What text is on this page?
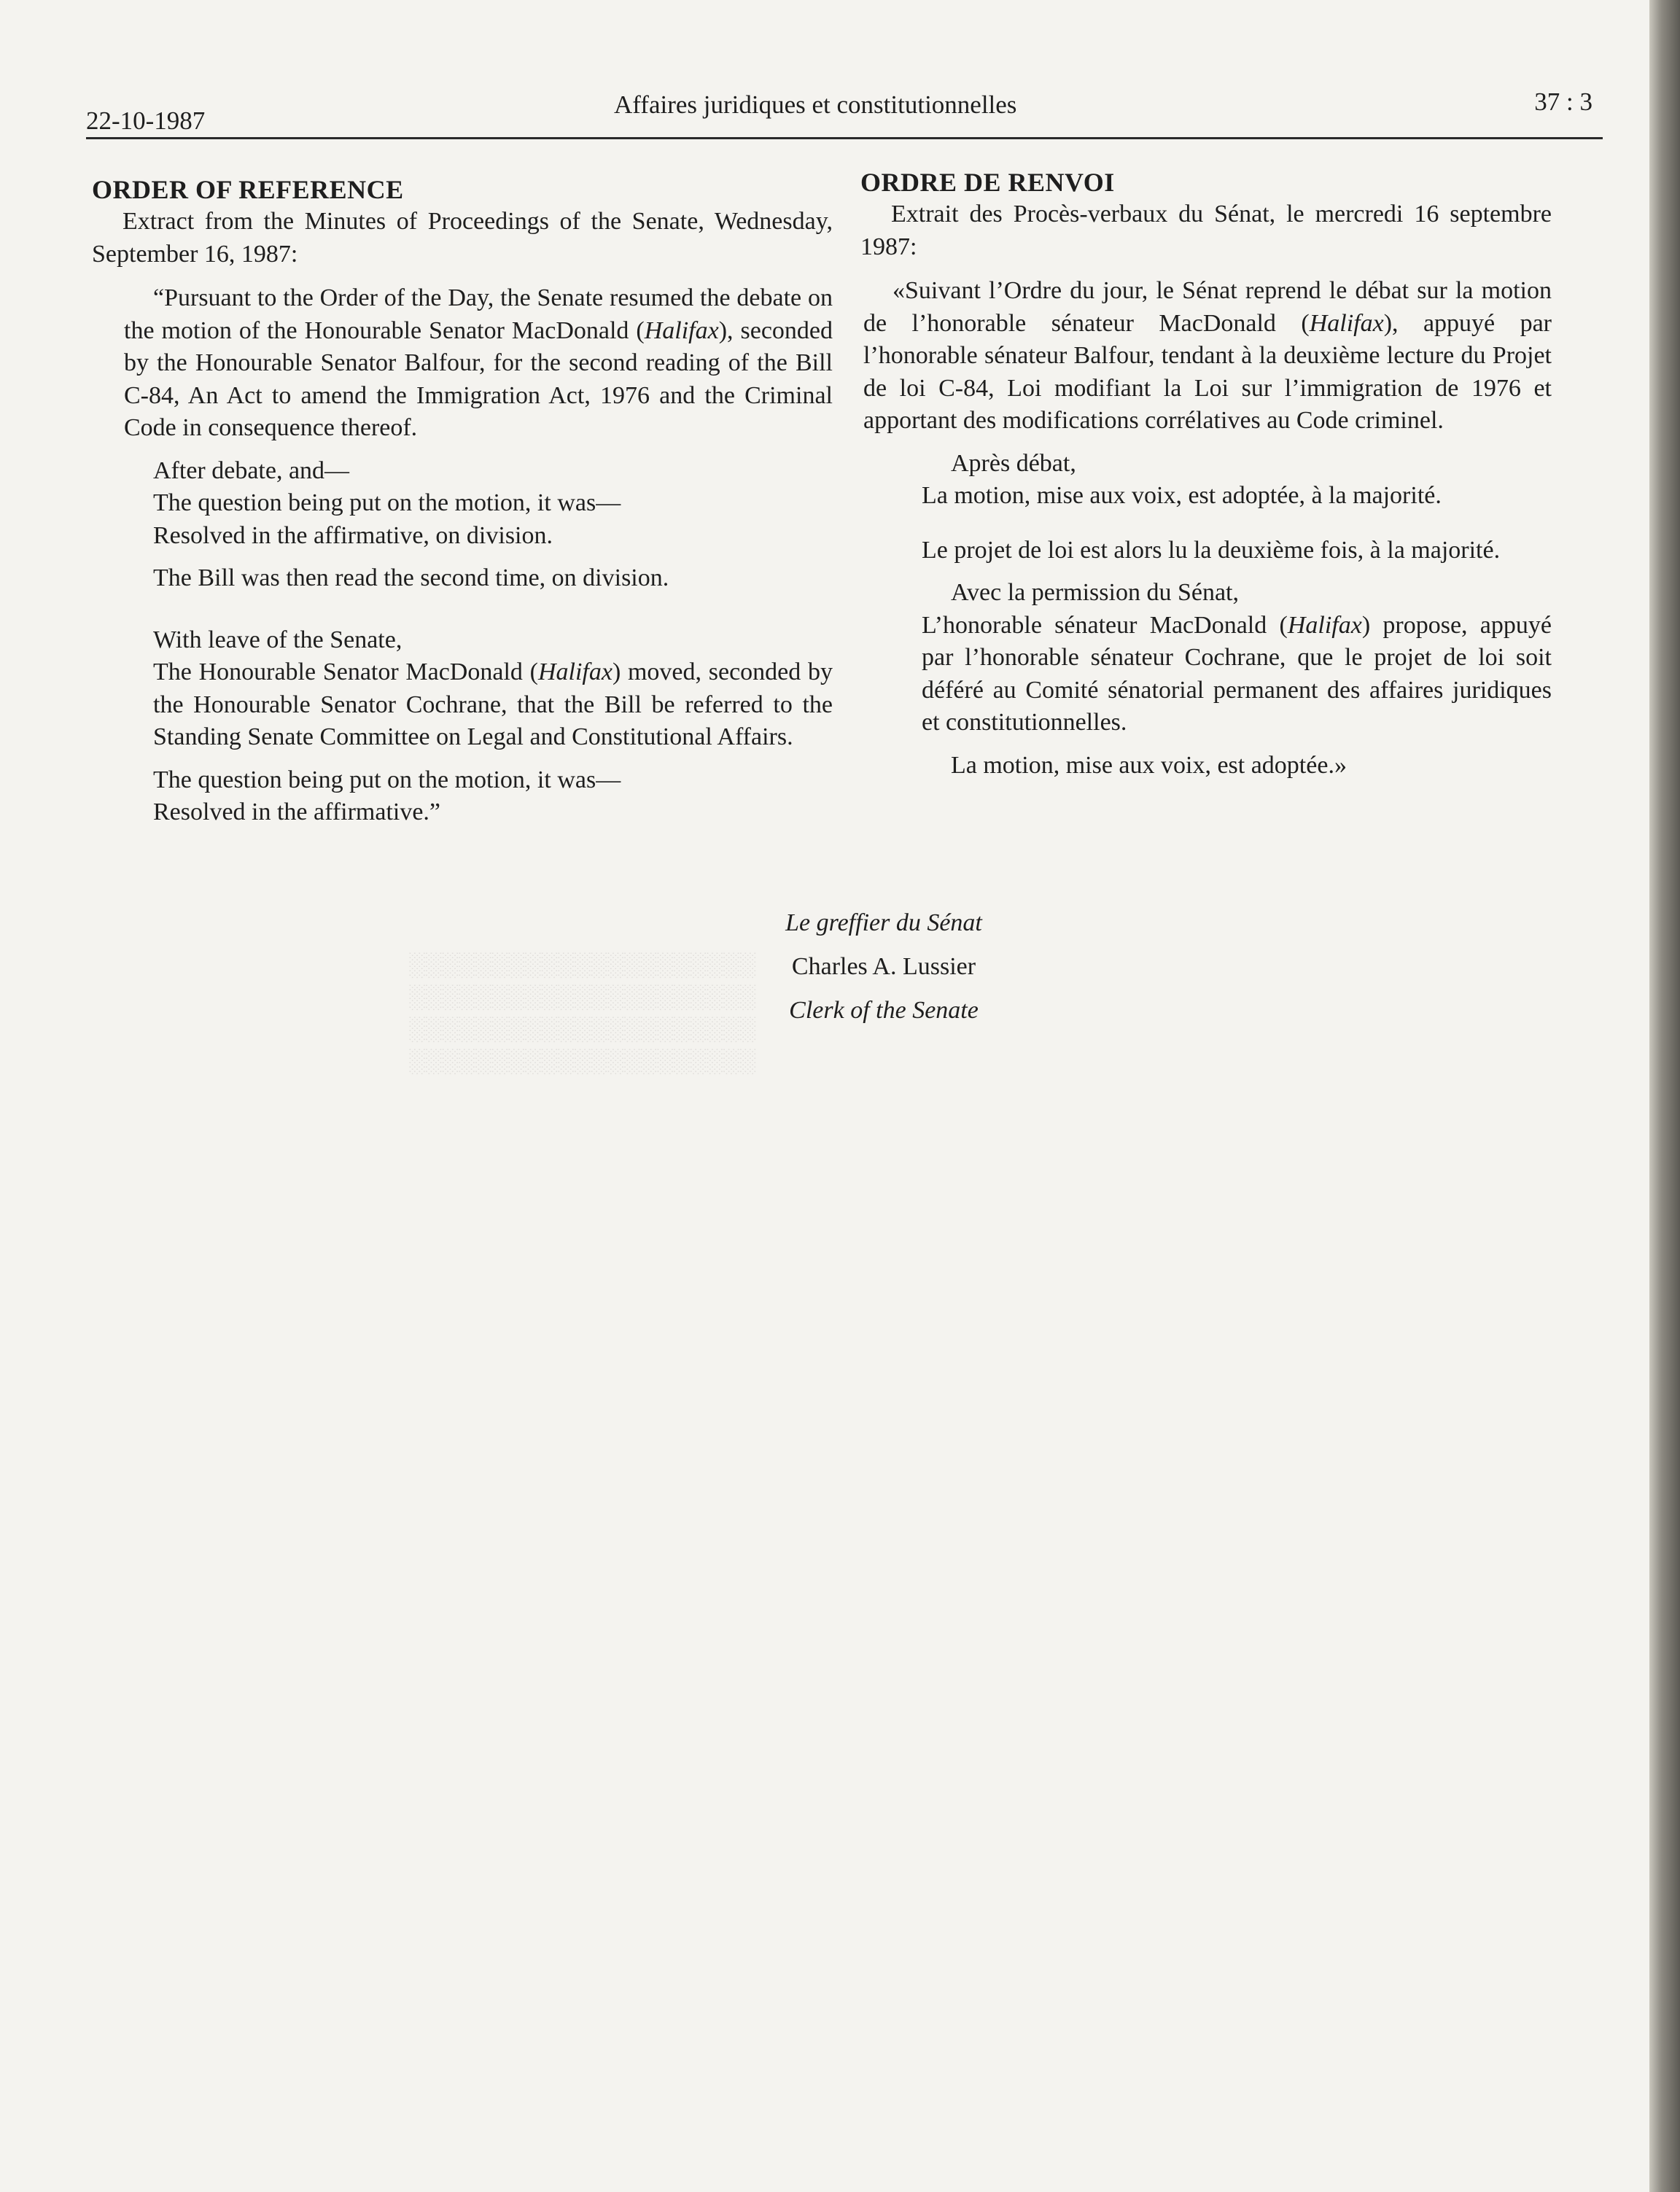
░░░░░░░░░░░░░░░░░░░░░
░░░░░░░░░░░░░░░░░░░░░
░░░░░░░░░░░░░░░░░░░░░
░░░░░░░░░░░░░░░░░░░░░
22-10-1987
Affaires juridiques et constitutionnelles	37 : 3
ORDER OF REFERENCE

Extract from the Minutes of Proceedings of the Senate, Wednesday, September 16, 1987:

“Pursuant to the Order of the Day, the Senate resumed the debate on the motion of the Honourable Senator MacDonald (Halifax), seconded by the Honourable Senator Balfour, for the second reading of the Bill C-84, An Act to amend the Immigration Act, 1976 and the Criminal Code in consequence thereof.

After debate, and—

The question being put on the motion, it was—

Resolved in the affirmative, on division.

The Bill was then read the second time, on division.

With leave of the Senate,

The Honourable Senator MacDonald (Halifax) moved, seconded by the Honourable Senator Cochrane, that the Bill be referred to the Standing Senate Committee on Legal and Constitutional Affairs.

The question being put on the motion, it was—

Resolved in the affirmative.”

ORDRE DE RENVOI

Extrait des Procès-verbaux du Sénat, le mercredi 16 septembre 1987:

«Suivant l’Ordre du jour, le Sénat reprend le débat sur la motion de l’honorable sénateur MacDonald (Halifax), appuyé par l’honorable sénateur Balfour, tendant à la deuxième lecture du Projet de loi C-84, Loi modifiant la Loi sur l’immigration de 1976 et apportant des modifications corrélatives au Code criminel.

Après débat,

La motion, mise aux voix, est adoptée, à la majorité.

Le projet de loi est alors lu la deuxième fois, à la majorité.

Avec la permission du Sénat,

L’honorable sénateur MacDonald (Halifax) propose, appuyé par l’honorable sénateur Cochrane, que le projet de loi soit déféré au Comité sénatorial permanent des affaires juridiques et constitutionnelles.

La motion, mise aux voix, est adoptée.»

Le greffier du Sénat
Charles A. Lussier
Clerk of the Senate
